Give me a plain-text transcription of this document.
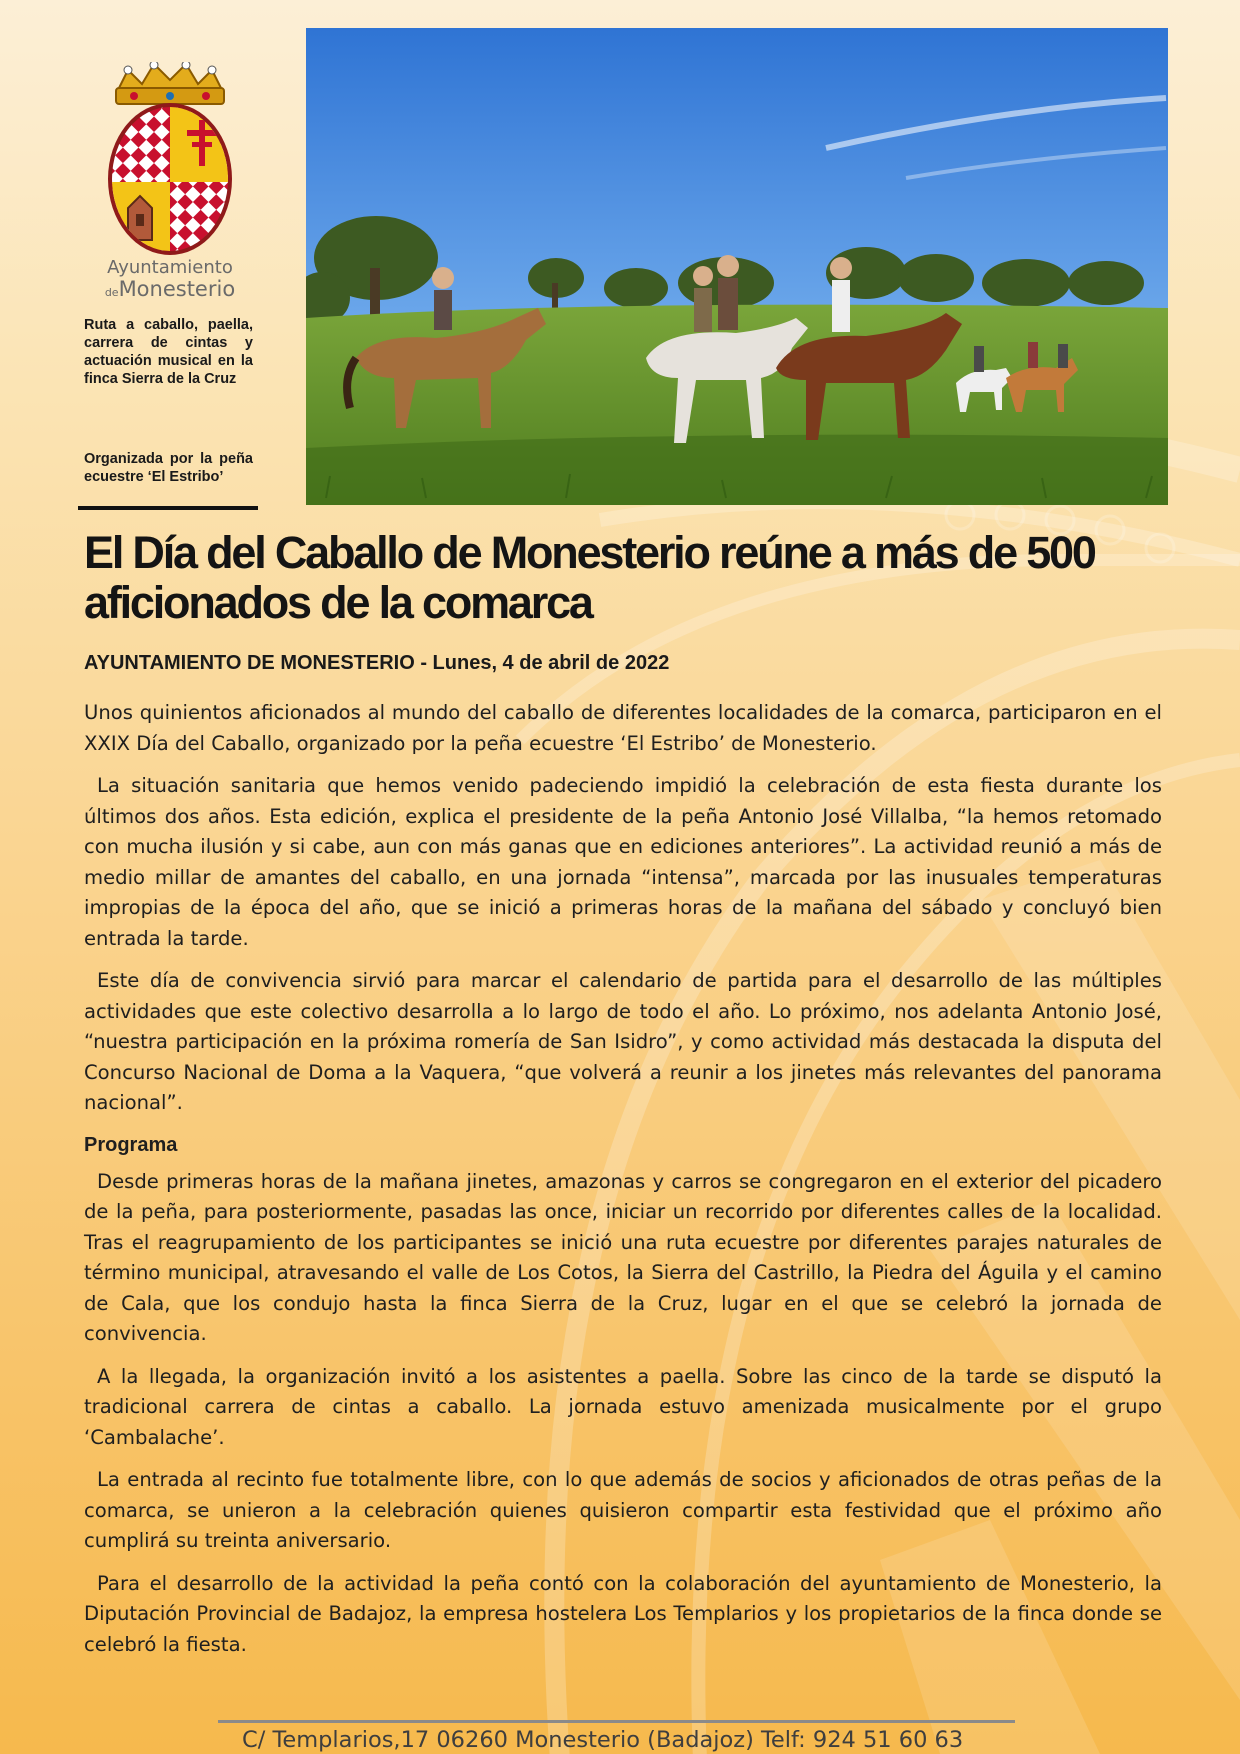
Ayuntamiento
deMonesterio
Ruta a caballo, paella, carrera de cintas y actuación musical en la finca Sierra de la Cruz
Organizada por la peña ecuestre ‘El Estribo’
El Día del Caballo de Monesterio reúne a más de 500 aficionados de la comarca
AYUNTAMIENTO DE MONESTERIO - Lunes, 4 de abril de 2022

Unos quinientos aficionados al mundo del caballo de diferentes localidades de la comarca, participaron en el XXIX Día del Caballo, organizado por la peña ecuestre ‘El Estribo’ de Monesterio.

La situación sanitaria que hemos venido padeciendo impidió la celebración de esta fiesta durante los últimos dos años. Esta edición, explica el presidente de la peña Antonio José Villalba, “la hemos retomado con mucha ilusión y si cabe, aun con más ganas que en ediciones anteriores”. La actividad reunió a más de medio millar de amantes del caballo, en una jornada “intensa”, marcada por las inusuales temperaturas impropias de la época del año, que se inició a primeras horas de la mañana del sábado y concluyó bien entrada la tarde.

Este día de convivencia sirvió para marcar el calendario de partida para el desarrollo de las múltiples actividades que este colectivo desarrolla a lo largo de todo el año. Lo próximo, nos adelanta Antonio José, “nuestra participación en la próxima romería de San Isidro”, y como actividad más destacada la disputa del Concurso Nacional de Doma a la Vaquera, “que volverá a reunir a los jinetes más relevantes del panorama nacional”.

Programa

Desde primeras horas de la mañana jinetes, amazonas y carros se congregaron en el exterior del picadero de la peña, para posteriormente, pasadas las once, iniciar un recorrido por diferentes calles de la localidad. Tras el reagrupamiento de los participantes se inició una ruta ecuestre por diferentes parajes naturales de término municipal, atravesando el valle de Los Cotos, la Sierra del Castrillo, la Piedra del Águila y el camino de Cala, que los condujo hasta la finca Sierra de la Cruz, lugar en el que se celebró la jornada de convivencia.

A la llegada, la organización invitó a los asistentes a paella. Sobre las cinco de la tarde se disputó la tradicional carrera de cintas a caballo. La jornada estuvo amenizada musicalmente por el grupo ‘Cambalache’.

La entrada al recinto fue totalmente libre, con lo que además de socios y aficionados de otras peñas de la comarca, se unieron a la celebración quienes quisieron compartir esta festividad que el próximo año cumplirá su treinta aniversario.

Para el desarrollo de la actividad la peña contó con la colaboración del ayuntamiento de Monesterio, la Diputación Provincial de Badajoz, la empresa hostelera Los Templarios y los propietarios de la finca donde se celebró la fiesta.

C/ Templarios,17 06260 Monesterio (Badajoz) Telf: 924 51 60 63
